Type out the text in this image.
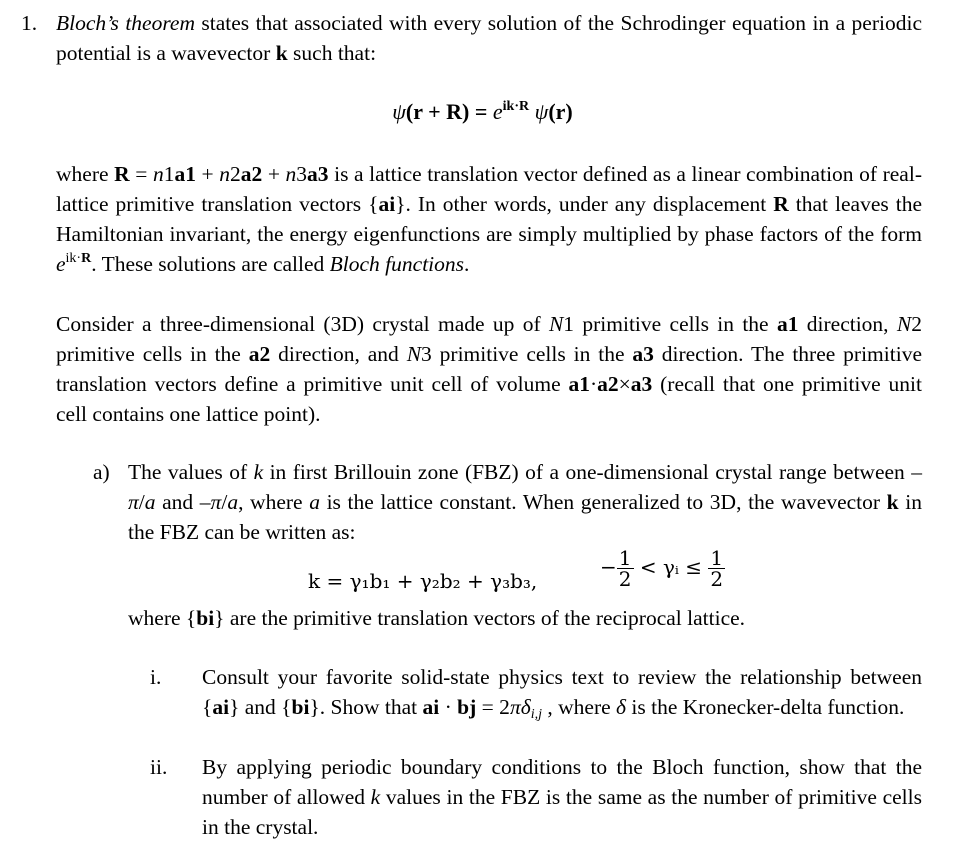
1. Bloch’s theorem states that associated with every solution of the Schrodinger equation in a periodic potential is a wavevector k such that:
$\psi(r + R) = e^{ik\cdot R}$ ψ(r)
where R = n1a1 + n2a2 + n3a3 is a lattice translation vector defined as a linear combination of real-lattice primitive translation vectors {ai}. In other words, under any displacement R that leaves the Hamiltonian invariant, the energy eigenfunctions are simply multiplied by phase factors of the form $e^{ik\cdot R}$. These solutions are called Bloch functions.
Consider a three-dimensional (3D) crystal made up of N1 primitive cells in the a1 direction, N2 primitive cells in the a2 direction, and N3 primitive cells in the a3 direction. The three primitive translation vectors define a primitive unit cell of volume a1·a2×a3 (recall that one primitive unit cell contains one lattice point).
a) The values of k in first Brillouin zone (FBZ) of a one-dimensional crystal range between –π/a and –π/a, where a is the lattice constant. When generalized to 3D, the wavevector k in the FBZ can be written as:
k = γ₁b₁ + γ₂b₂ + γ₃b₃,
− $\frac{1}{2}$ < γᵢ ≤ $\frac{1}{2}$
where {bi} are the primitive translation vectors of the reciprocal lattice.
i. Consult your favorite solid-state physics text to review the relationship between {ai} and {bi}. Show that ai · bj = $2\pi\delta_{i,j}$ , where δ is the Kronecker-delta function.
ii. By applying periodic boundary conditions to the Bloch function, show that the number of allowed k values in the FBZ is the same as the number of primitive cells in the crystal.
